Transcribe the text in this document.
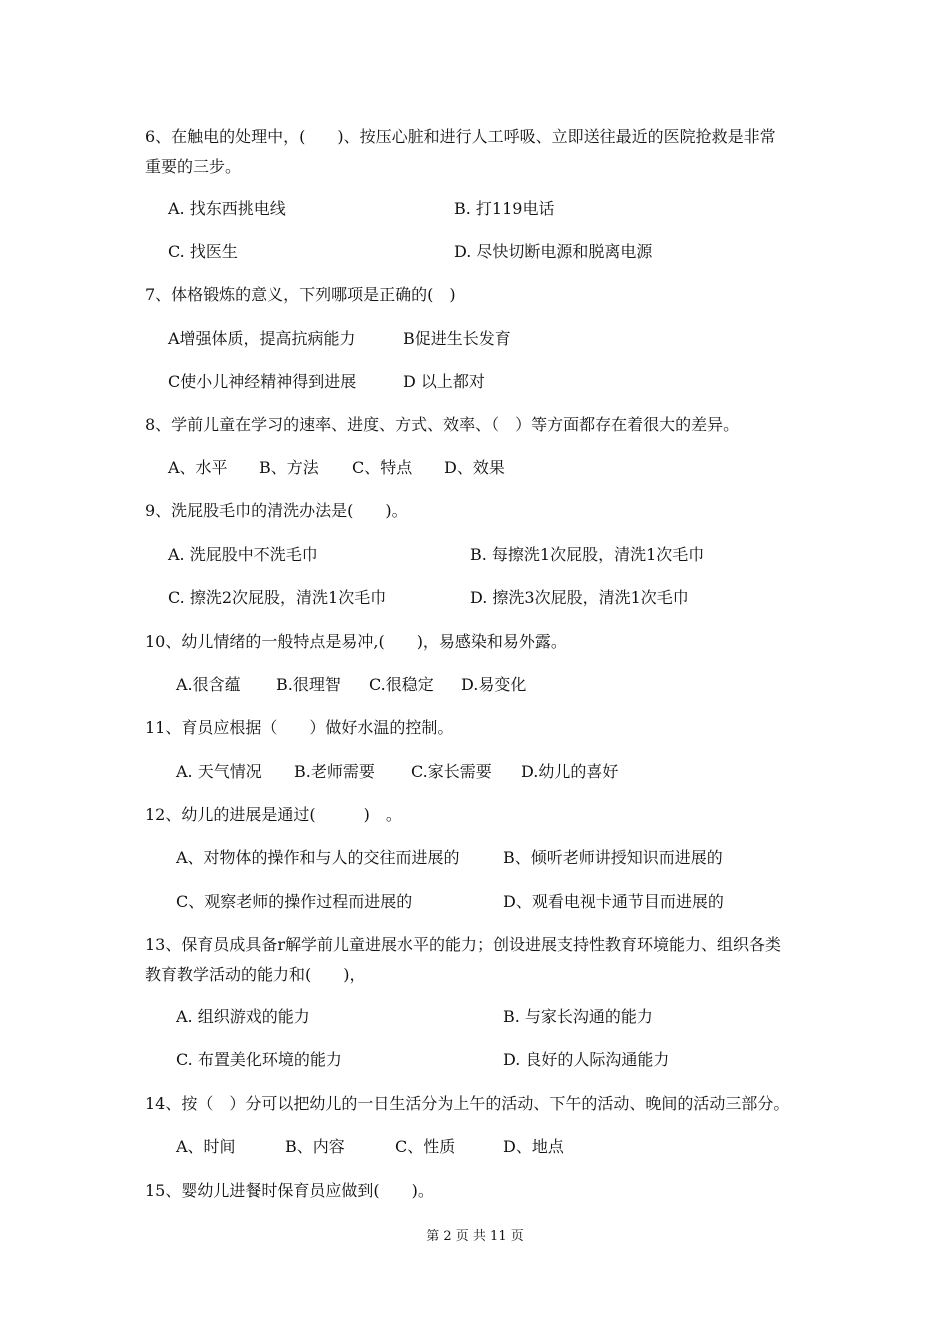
6、在触电的处理中，(　　)、按压心脏和进行人工呼吸、立即送往最近的医院抢救是非常

重要的三步。

A. 找东西挑电线	B. 打119电话
C. 找医生	D. 尽快切断电源和脱离电源

7、体格锻炼的意义，下列哪项是正确的(　)

A增强体质，提高抗病能力	B促进生长发育
C使小儿神经精神得到进展	D 以上都对

8、学前儿童在学习的速率、进度、方式、效率、（　）等方面都存在着很大的差异。

A、水平 B、方法 C、特点 D、效果

9、洗屁股毛巾的清洗办法是(　　)。

A. 洗屁股中不洗毛巾	B. 每擦洗1次屁股，清洗1次毛巾
C. 擦洗2次屁股，清洗1次毛巾	D. 擦洗3次屁股，清洗1次毛巾

10、幼儿情绪的一般特点是易冲,(　　)，易感染和易外露。

A.很含蕴 B.很理智 C.很稳定 D.易变化

11、育员应根据（　　）做好水温的控制。

A. 天气情况 B.老师需要 C.家长需要 D.幼儿的喜好

12、幼儿的进展是通过(　　　)　。

A、对物体的操作和与人的交往而进展的	B、倾听老师讲授知识而进展的
C、观察老师的操作过程而进展的	D、观看电视卡通节目而进展的

13、保育员成具备r解学前儿童进展水平的能力；创设进展支持性教育环境能力、组织各类

教育教学活动的能力和(　　)，

A. 组织游戏的能力	B. 与家长沟通的能力
C. 布置美化环境的能力	D. 良好的人际沟通能力

14、按（　）分可以把幼儿的一日生活分为上午的活动、下午的活动、晚间的活动三部分。

A、时间	B、内容	C、性质	D、地点

15、婴幼儿进餐时保育员应做到(　　)。

第 2 页 共 11 页
